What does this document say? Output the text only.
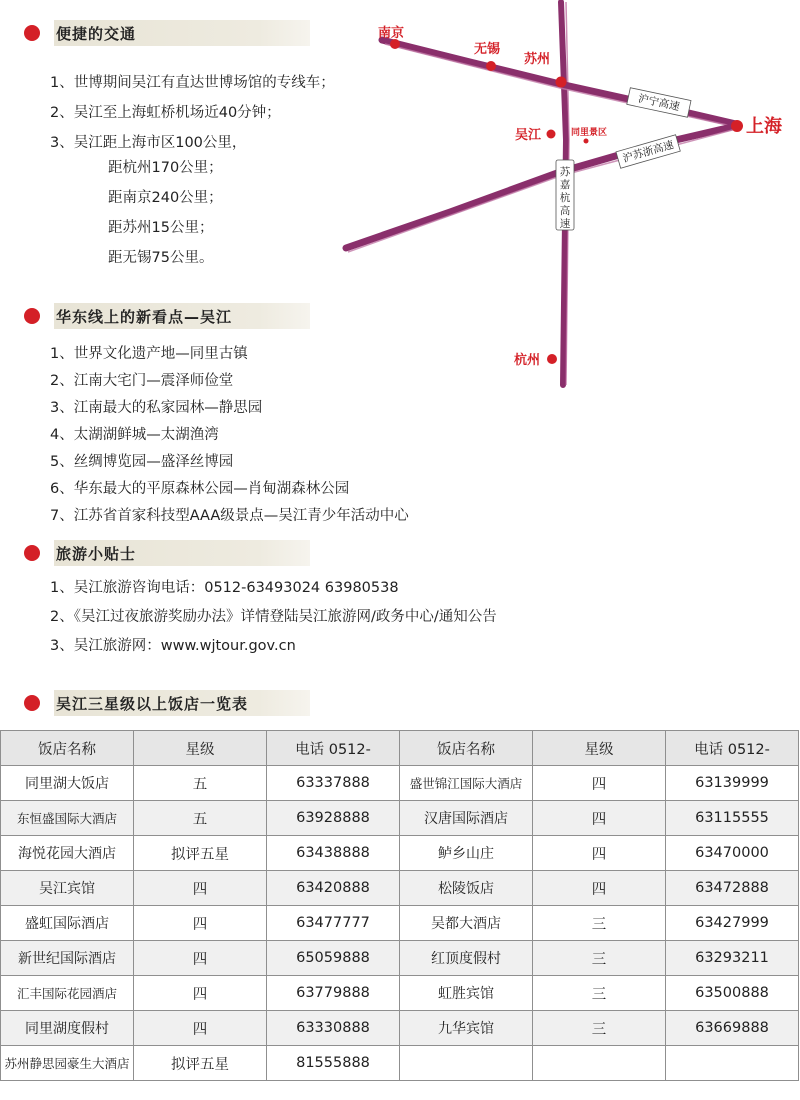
便捷的交通
1、世博期间吴江有直达世博场馆的专线车；
2、吴江至上海虹桥机场近40分钟；
3、吴江距上海市区100公里，
距杭州170公里；
距南京240公里；
距苏州15公里；
距无锡75公里。
沪宁高速
沪苏浙高速
苏
嘉
杭
高
速
南京
无锡
苏州
吴江	同里景区	上海
杭州
华东线上的新看点—吴江
1、世界文化遗产地—同里古镇
2、江南大宅门—震泽师俭堂
3、江南最大的私家园林—静思园
4、太湖湖鲜城—太湖渔湾
5、丝绸博览园—盛泽丝博园
6、华东最大的平原森林公园—肖甸湖森林公园
7、江苏省首家科技型AAA级景点—吴江青少年活动中心
旅游小贴士
1、吴江旅游咨询电话：0512-63493024 63980538
2、《吴江过夜旅游奖励办法》详情登陆吴江旅游网/政务中心/通知公告
3、吴江旅游网：www.wjtour.gov.cn
吴江三星级以上饭店一览表
饭店名称	星级	电话 0512-	饭店名称	星级	电话 0512-
同里湖大饭店	五	63337888	盛世锦江国际大酒店	四	63139999
东恒盛国际大酒店	五	63928888	汉唐国际酒店	四	63115555
海悦花园大酒店	拟评五星	63438888	鲈乡山庄	四	63470000
吴江宾馆	四	63420888	松陵饭店	四	63472888
盛虹国际酒店	四	63477777	吴都大酒店	三	63427999
新世纪国际酒店	四	65059888	红顶度假村	三	63293211
汇丰国际花园酒店	四	63779888	虹胜宾馆	三	63500888
同里湖度假村	四	63330888	九华宾馆	三	63669888
苏州静思园豪生大酒店	拟评五星	81555888			
